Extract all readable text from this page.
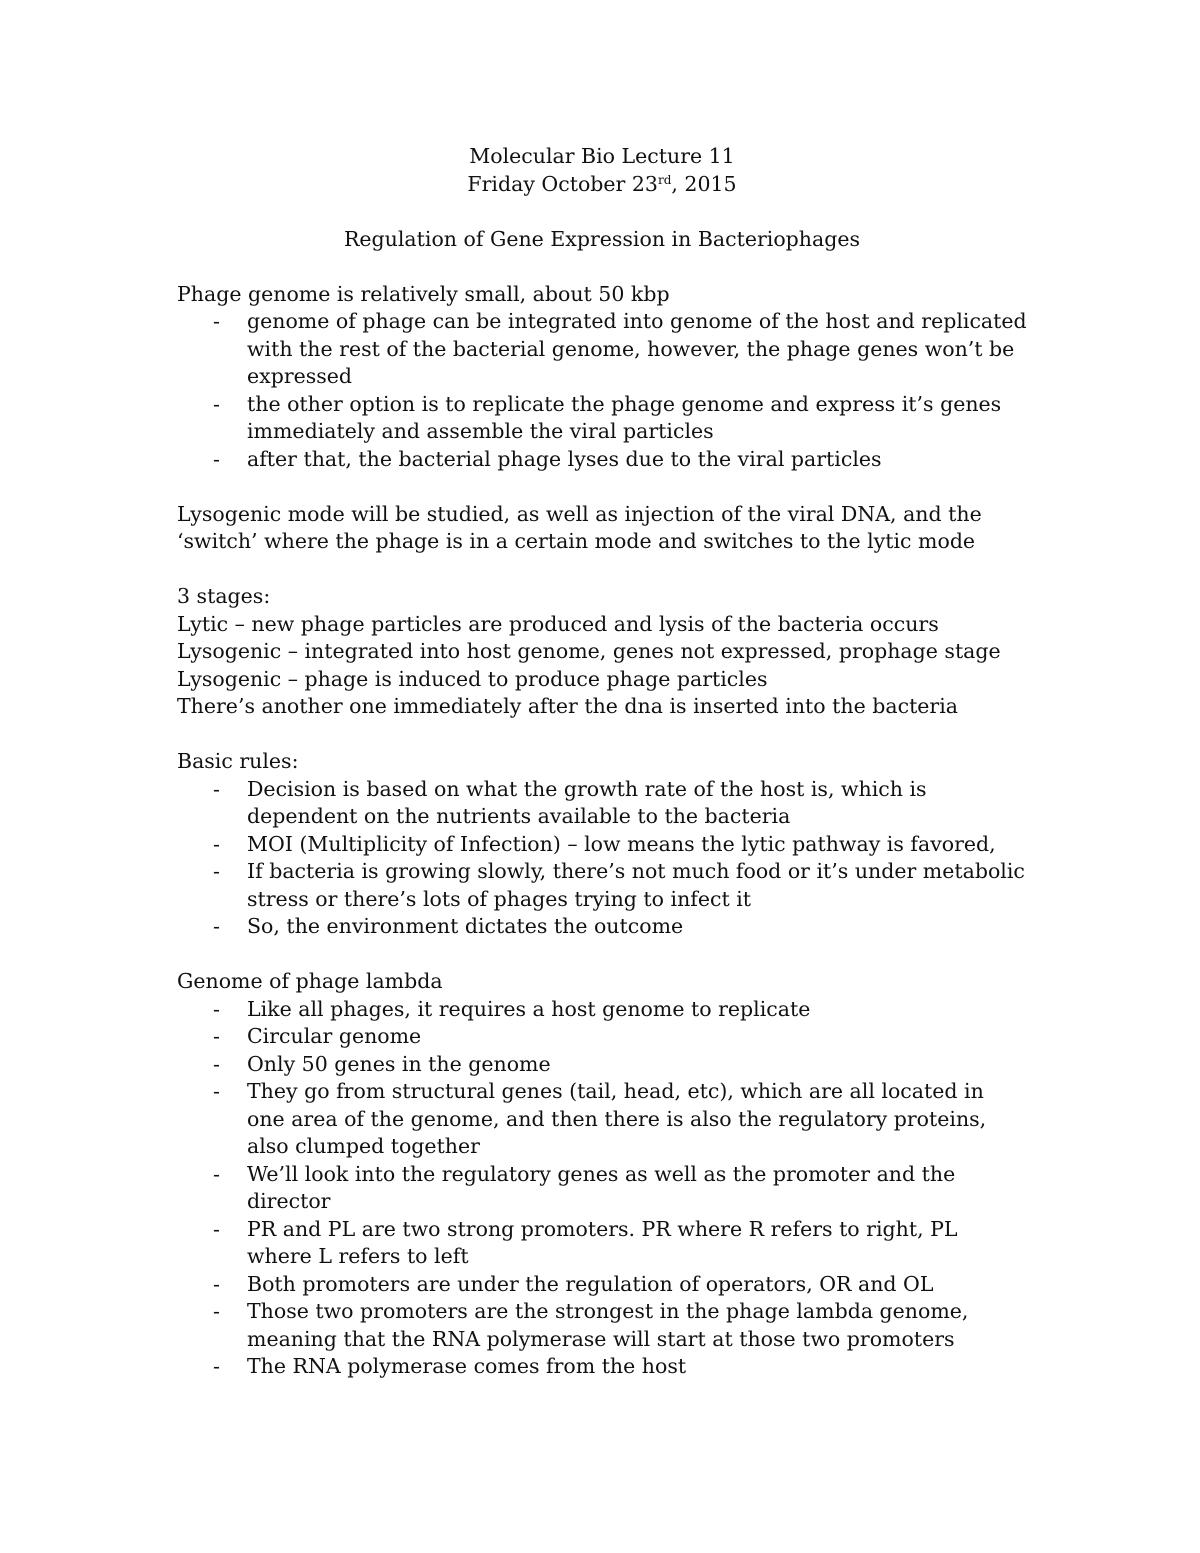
Molecular Bio Lecture 11

Friday October 23rd, 2015

Regulation of Gene Expression in Bacteriophages

Phage genome is relatively small, about 50 kbp

- genome of phage can be integrated into genome of the host and replicated with the rest of the bacterial genome, however, the phage genes won’t be expressed
- the other option is to replicate the phage genome and express it’s genes immediately and assemble the viral particles
- after that, the bacterial phage lyses due to the viral particles

Lysogenic mode will be studied, as well as injection of the viral DNA, and the ‘switch’ where the phage is in a certain mode and switches to the lytic mode

3 stages:

Lytic – new phage particles are produced and lysis of the bacteria occurs

Lysogenic – integrated into host genome, genes not expressed, prophage stage

Lysogenic – phage is induced to produce phage particles

There’s another one immediately after the dna is inserted into the bacteria

Basic rules:

- Decision is based on what the growth rate of the host is, which is dependent on the nutrients available to the bacteria
- MOI (Multiplicity of Infection) – low means the lytic pathway is favored,
- If bacteria is growing slowly, there’s not much food or it’s under metabolic stress or there’s lots of phages trying to infect it
- So, the environment dictates the outcome

Genome of phage lambda

- Like all phages, it requires a host genome to replicate
- Circular genome
- Only 50 genes in the genome
- They go from structural genes (tail, head, etc), which are all located in one area of the genome, and then there is also the regulatory proteins, also clumped together
- We’ll look into the regulatory genes as well as the promoter and the director
- PR and PL are two strong promoters. PR where R refers to right, PL where L refers to left
- Both promoters are under the regulation of operators, OR and OL
- Those two promoters are the strongest in the phage lambda genome, meaning that the RNA polymerase will start at those two promoters
- The RNA polymerase comes from the host
